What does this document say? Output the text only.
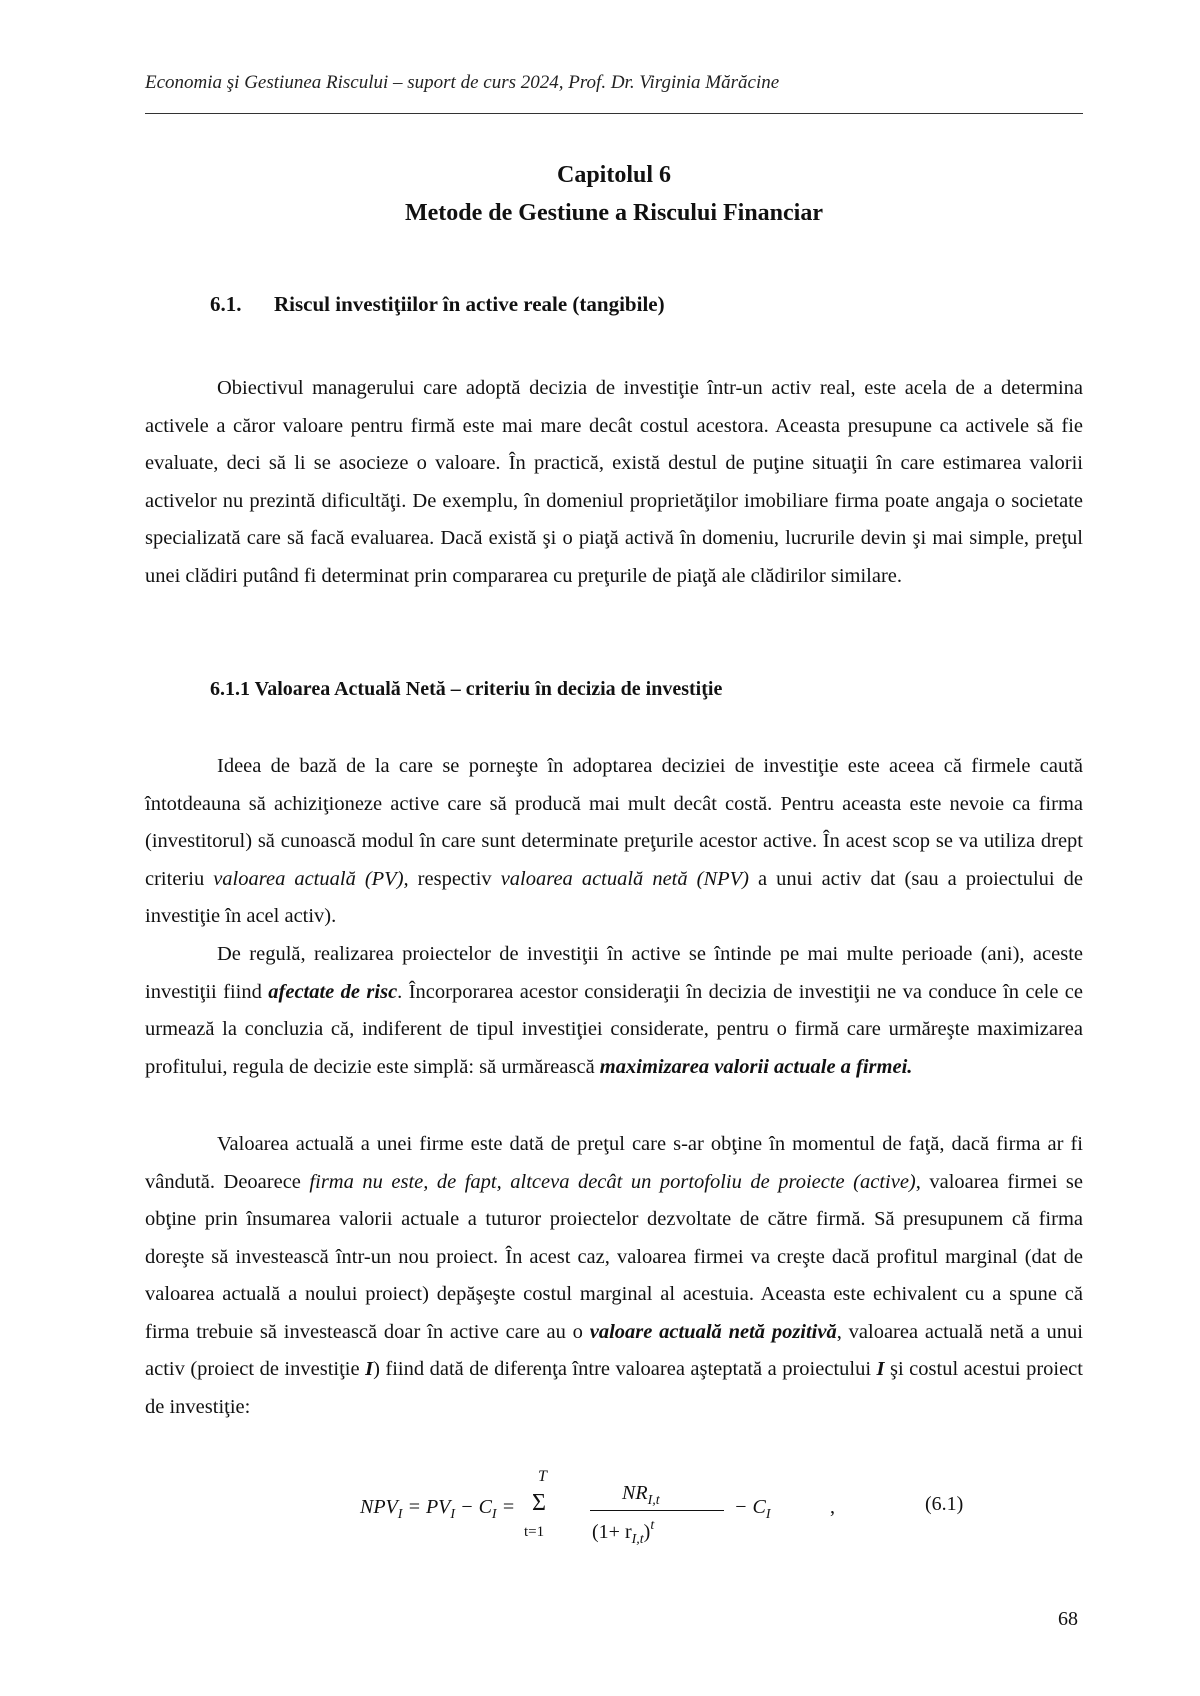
Economia şi Gestiunea Riscului – suport de curs 2024, Prof. Dr. Virginia Mărăcine
Capitolul 6
Metode de Gestiune a Riscului Financiar
6.1. Riscul investiţiilor în active reale (tangibile)

Obiectivul managerului care adoptă decizia de investiţie într-un activ real, este acela de a determina activele a căror valoare pentru firmă este mai mare decât costul acestora. Aceasta presupune ca activele să fie evaluate, deci să li se asocieze o valoare. În practică, există destul de puţine situaţii în care estimarea valorii activelor nu prezintă dificultăţi. De exemplu, în domeniul proprietăţilor imobiliare firma poate angaja o societate specializată care să facă evaluarea. Dacă există şi o piaţă activă în domeniu, lucrurile devin şi mai simple, preţul unei clădiri putând fi determinat prin compararea cu preţurile de piaţă ale clădirilor similare.

6.1.1 Valoarea Actuală Netă – criteriu în decizia de investiţie

Ideea de bază de la care se porneşte în adoptarea deciziei de investiţie este aceea că firmele caută întotdeauna să achiziţioneze active care să producă mai mult decât costă. Pentru aceasta este nevoie ca firma (investitorul) să cunoască modul în care sunt determinate preţurile acestor active. În acest scop se va utiliza drept criteriu valoarea actuală (PV), respectiv valoarea actuală netă (NPV) a unui activ dat (sau a proiectului de investiţie în acel activ).

De regulă, realizarea proiectelor de investiţii în active se întinde pe mai multe perioade (ani), aceste investiţii fiind afectate de risc. Încorporarea acestor consideraţii în decizia de investiţii ne va conduce în cele ce urmează la concluzia că, indiferent de tipul investiţiei considerate, pentru o firmă care urmăreşte maximizarea profitului, regula de decizie este simplă: să urmărească maximizarea valorii actuale a firmei.

Valoarea actuală a unei firme este dată de preţul care s-ar obţine în momentul de faţă, dacă firma ar fi vândută. Deoarece firma nu este, de fapt, altceva decât un portofoliu de proiecte (active), valoarea firmei se obţine prin însumarea valorii actuale a tuturor proiectelor dezvoltate de către firmă. Să presupunem că firma doreşte să investească într-un nou proiect. În acest caz, valoarea firmei va creşte dacă profitul marginal (dat de valoarea actuală a noului proiect) depăşeşte costul marginal al acestuia. Aceasta este echivalent cu a spune că firma trebuie să investească doar în active care au o valoare actuală netă pozitivă, valoarea actuală netă a unui activ (proiect de investiţie I) fiind dată de diferenţa între valoarea aşteptată a proiectului I şi costul acestui proiect de investiţie:

$NPV_I = PV_I - C_I$ =
T
Σ
t=1
$NR_{I,t}$
$(1+ r_{I,t})^t$
− $C_I$	,	(6.1)
68
